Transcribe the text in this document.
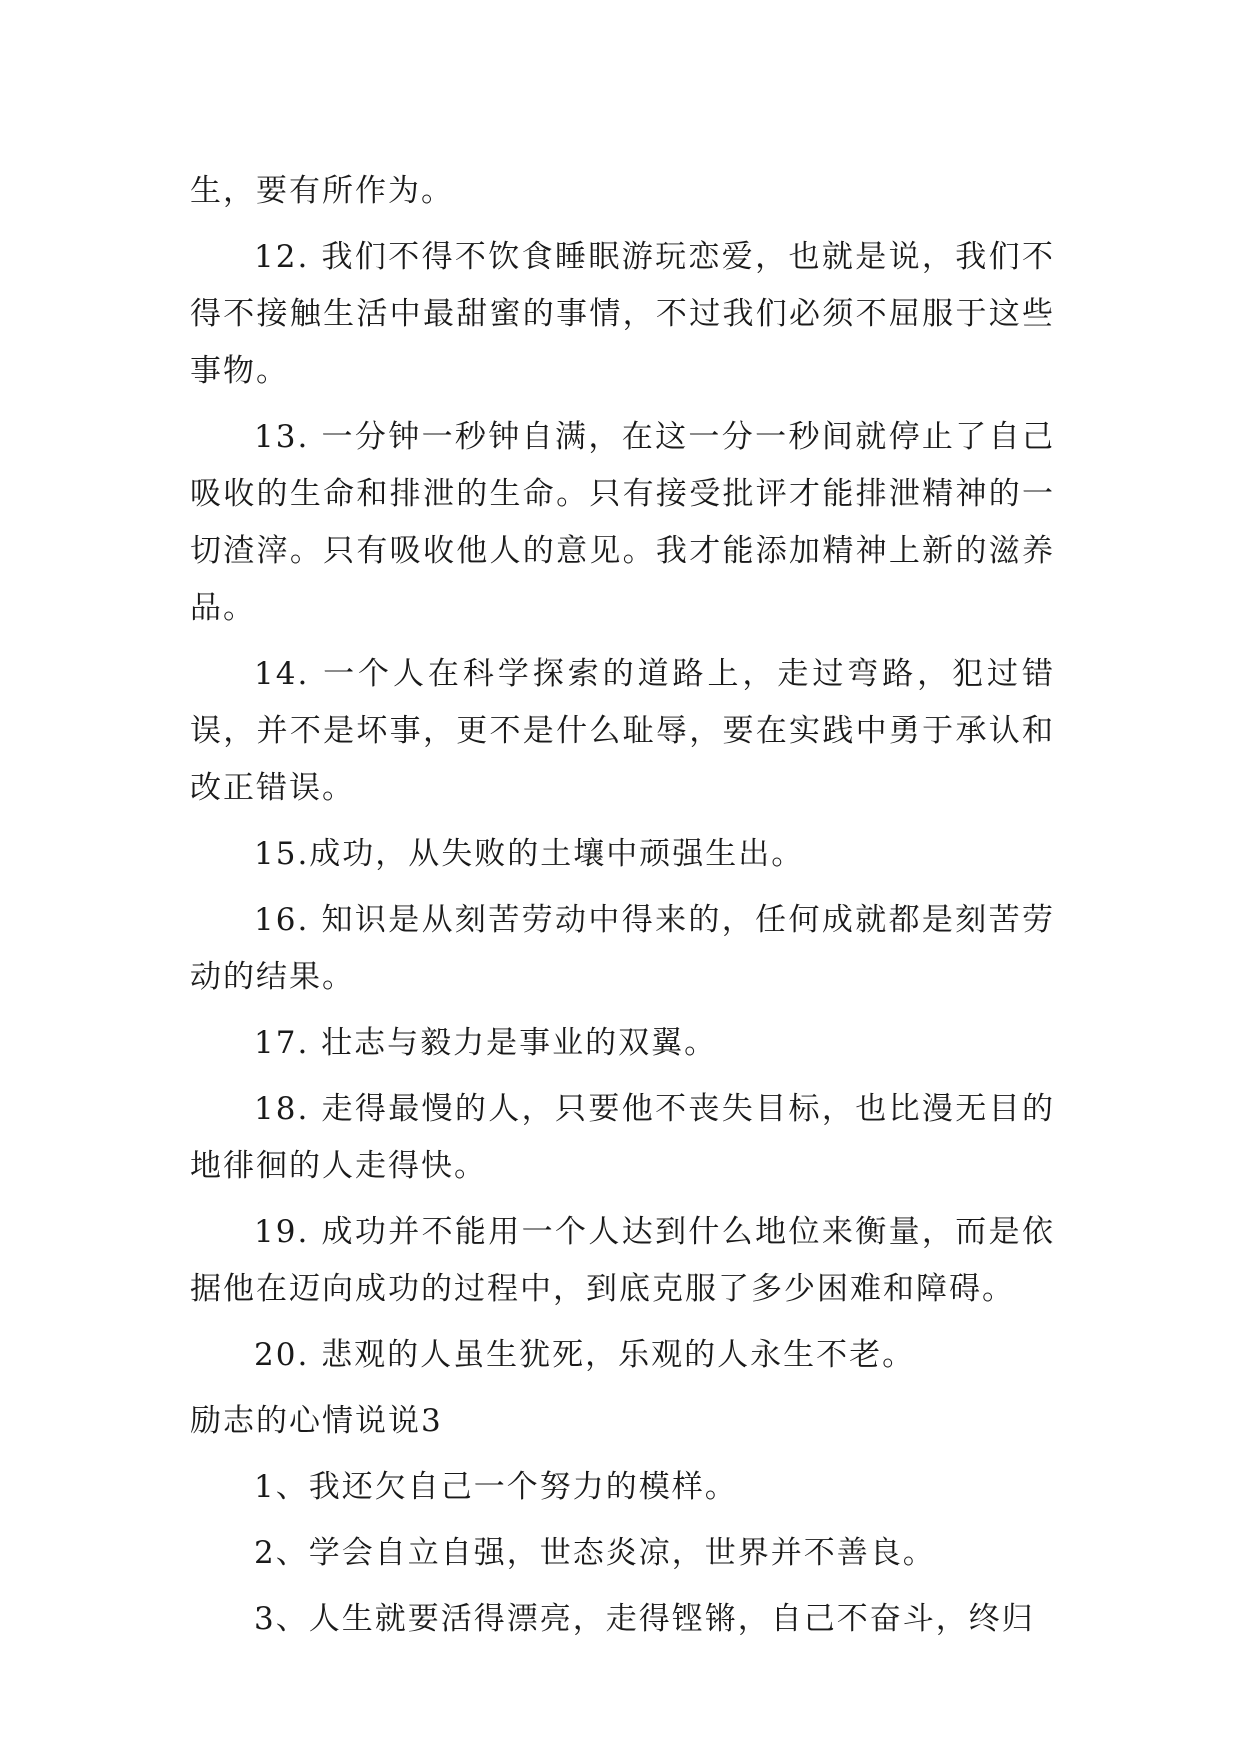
生，要有所作为。

12. 我们不得不饮食睡眠游玩恋爱，也就是说，我们不得不接触生活中最甜蜜的事情，不过我们必须不屈服于这些事物。

13. 一分钟一秒钟自满，在这一分一秒间就停止了自己吸收的生命和排泄的生命。只有接受批评才能排泄精神的一切渣滓。只有吸收他人的意见。我才能添加精神上新的滋养品。

14. 一个人在科学探索的道路上，走过弯路，犯过错误，并不是坏事，更不是什么耻辱，要在实践中勇于承认和改正错误。

15.成功，从失败的土壤中顽强生出。

16. 知识是从刻苦劳动中得来的，任何成就都是刻苦劳动的结果。

17. 壮志与毅力是事业的双翼。

18. 走得最慢的人，只要他不丧失目标，也比漫无目的地徘徊的人走得快。

19. 成功并不能用一个人达到什么地位来衡量，而是依据他在迈向成功的过程中，到底克服了多少困难和障碍。

20. 悲观的人虽生犹死，乐观的人永生不老。

励志的心情说说3

1、我还欠自己一个努力的模样。

2、学会自立自强，世态炎凉，世界并不善良。

3、人生就要活得漂亮，走得铿锵，自己不奋斗，终归
